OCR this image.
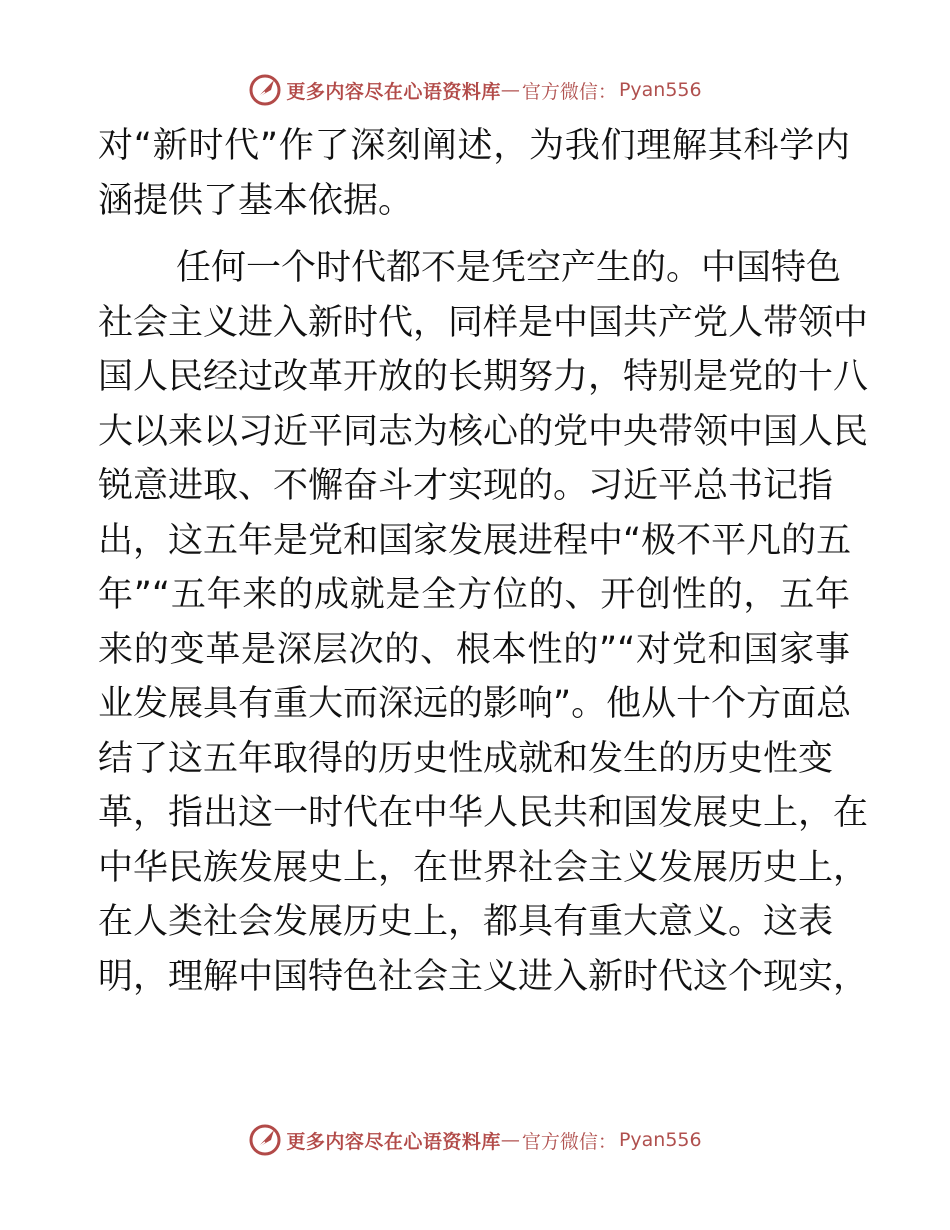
更多内容尽在心语资料库 — 官方微信： Pyan556
对“新时代”作了深刻阐述，为我们理解其科学内
涵提供了基本依据。
任何一个时代都不是凭空产生的。中国特色
社会主义进入新时代，同样是中国共产党人带领中
国人民经过改革开放的长期努力，特别是党的十八
大以来以习近平同志为核心的党中央带领中国人民
锐意进取、不懈奋斗才实现的。习近平总书记指
出，这五年是党和国家发展进程中“极不平凡的五
年”“五年来的成就是全方位的、开创性的，五年
来的变革是深层次的、根本性的”“对党和国家事
业发展具有重大而深远的影响”。他从十个方面总
结了这五年取得的历史性成就和发生的历史性变
革，指出这一时代在中华人民共和国发展史上，在
中华民族发展史上，在世界社会主义发展历史上，
在人类社会发展历史上，都具有重大意义。这表
明，理解中国特色社会主义进入新时代这个现实，
更多内容尽在心语资料库 — 官方微信： Pyan556
